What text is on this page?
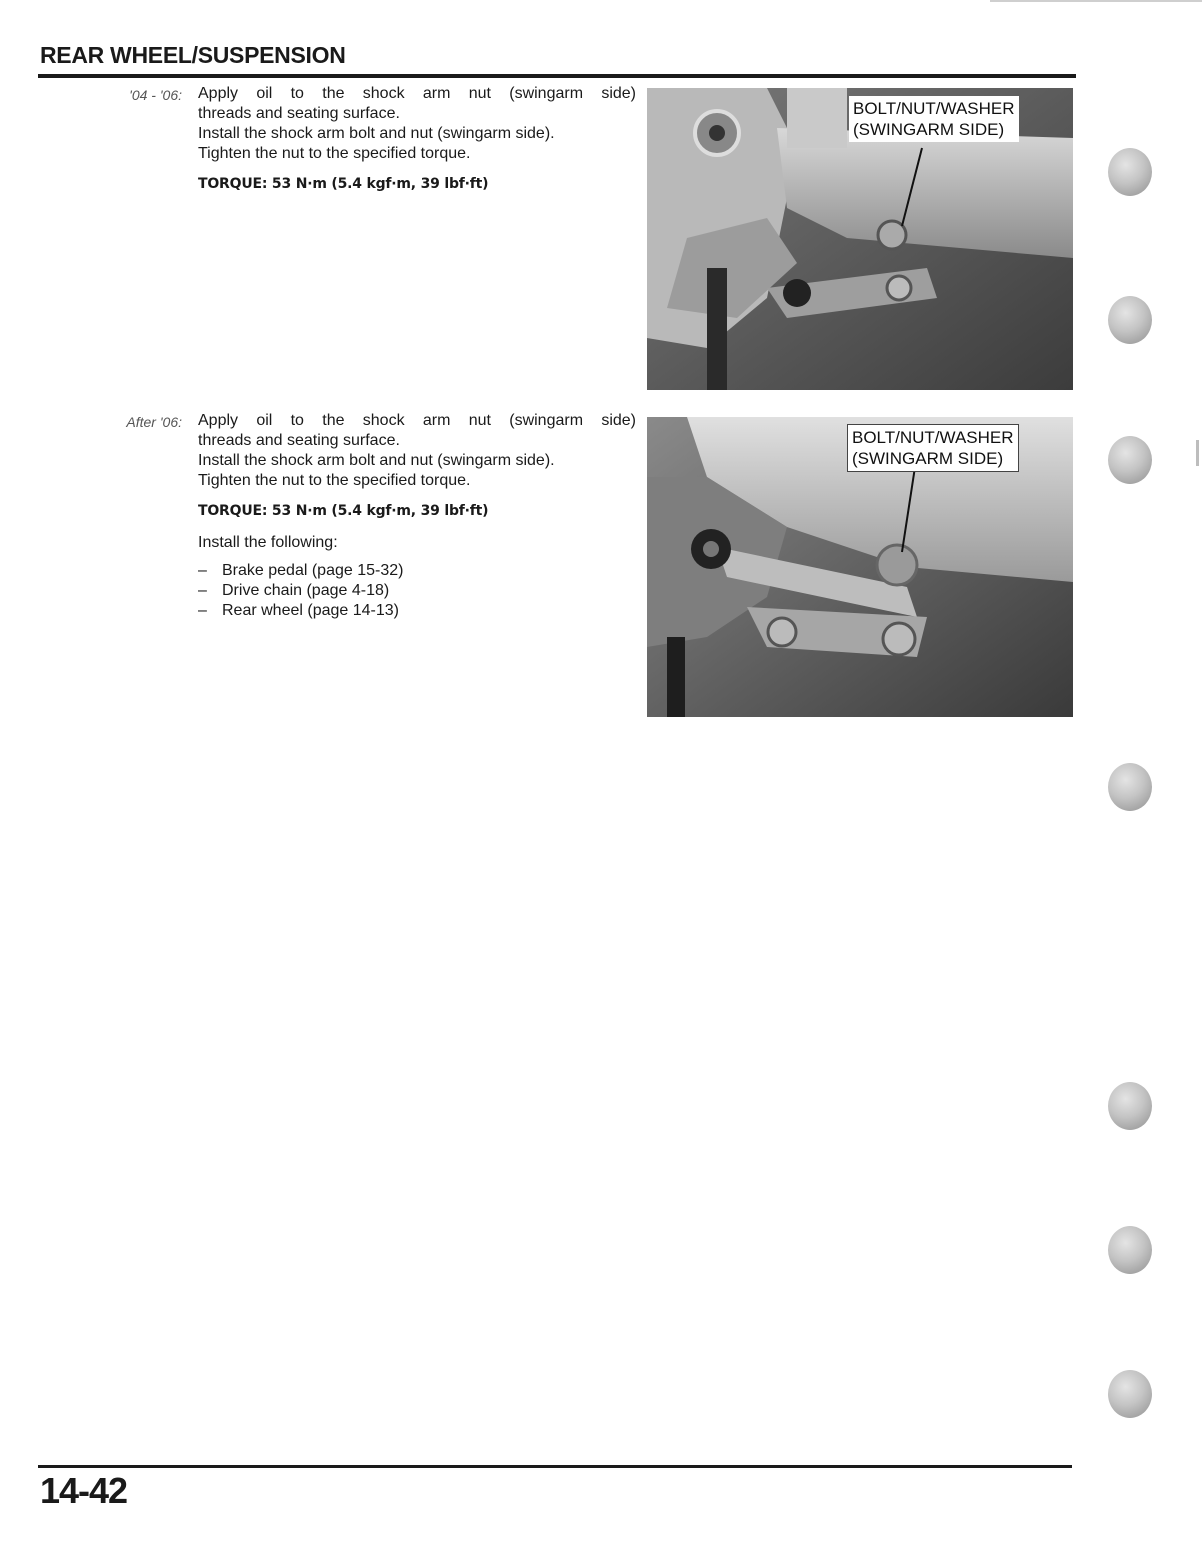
REAR WHEEL/SUSPENSION
'04 - '06: Apply oil to the shock arm nut (swingarm side)

threads and seating surface.

Install the shock arm bolt and nut (swingarm side).

Tighten the nut to the specified torque.

TORQUE: 53 N·m (5.4 kgf·m, 39 lbf·ft)

BOLT/NUT/WASHER
(SWINGARM SIDE)
After '06: Apply oil to the shock arm nut (swingarm side)

threads and seating surface.

Install the shock arm bolt and nut (swingarm side).

Tighten the nut to the specified torque.

TORQUE: 53 N·m (5.4 kgf·m, 39 lbf·ft)

Install the following:

– Brake pedal (page 15-32)
– Drive chain (page 4-18)
– Rear wheel (page 14-13)
BOLT/NUT/WASHER
(SWINGARM SIDE)
14-42
